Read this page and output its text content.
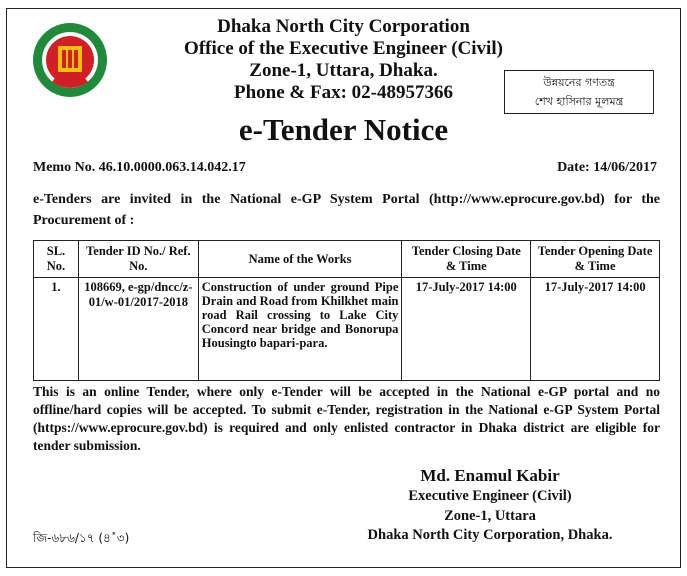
Dhaka North City Corporation
Office of the Executive Engineer (Civil)
Zone-1, Uttara, Dhaka.
Phone & Fax: 02-48957366	উন্নয়নের গণতন্ত্র
শেখ হাসিনার মূলমন্ত্র
e-Tender Notice
Memo No. 46.10.0000.063.14.042.17	Date: 14/06/2017
e-Tenders are invited in the National e-GP System Portal (http://www.eprocure.gov.bd) for the Procurement of :
SL. No.	Tender ID No./ Ref. No.	Name of the Works	Tender Closing Date & Time	Tender Opening Date & Time
1.	108669, e-gp/dncc/z-01/w-01/2017-2018	Construction of under ground Pipe Drain and Road from Khilkhet main road Rail crossing to Lake City Concord near bridge and Bonorupa Housingto bapari-para.	17-July-2017 14:00	17-July-2017 14:00
This is an online Tender, where only e-Tender will be accepted in the National e-GP portal and no offline/hard copies will be accepted. To submit e-Tender, registration in the National e-GP System Portal (https://www.eprocure.gov.bd) is required and only enlisted contractor in Dhaka district are eligible for tender submission.
Md. Enamul Kabir
Executive Engineer (Civil)
Zone-1, Uttara
Dhaka North City Corporation, Dhaka.
জি-৬৮৬/১৭ (৪˟৩)
